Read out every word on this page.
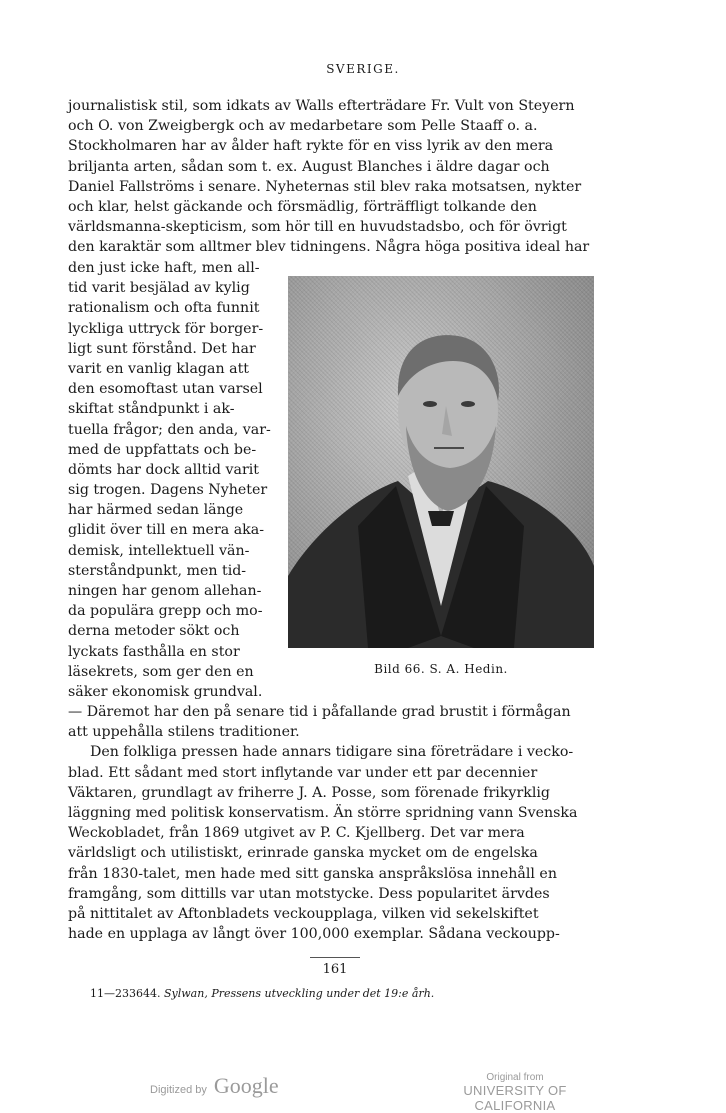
SVERIGE.
journalistisk stil, som idkats av Walls efterträdare Fr. Vult von Steyern
och O. von Zweigbergk och av medarbetare som Pelle Staaff o. a.
Stockholmaren har av ålder haft rykte för en viss lyrik av den mera
briljanta arten, sådan som t. ex. August Blanches i äldre dagar och
Daniel Fallströms i senare. Nyheternas stil blev raka motsatsen, nykter
och klar, helst gäckande och försmädlig, förträffligt tolkande den
världsmanna-skepticism, som hör till en huvudstadsbo, och för övrigt
den karaktär som alltmer blev tidningens. Några höga positiva ideal har
den just icke haft, men all-
tid varit besjälad av kylig
rationalism och ofta funnit
lyckliga uttryck för borger-
ligt sunt förstånd. Det har
varit en vanlig klagan att
den esomoftast utan varsel
skiftat ståndpunkt i ak-
tuella frågor; den anda, var-
med de uppfattats och be-
dömts har dock alltid varit
sig trogen. Dagens Nyheter
har härmed sedan länge
glidit över till en mera aka-
demisk, intellektuell vän-
sterståndpunkt, men tid-
ningen har genom allehan-
da populära grepp och mo-
derna metoder sökt och
lyckats fasthålla en stor
läsekrets, som ger den en
säker ekonomisk grundval.
Bild 66. S. A. Hedin.
— Däremot har den på senare tid i påfallande grad brustit i förmågan
att uppehålla stilens traditioner.
Den folkliga pressen hade annars tidigare sina företrädare i vecko-
blad. Ett sådant med stort inflytande var under ett par decennier
Väktaren, grundlagt av friherre J. A. Posse, som förenade frikyrklig
läggning med politisk konservatism. Än större spridning vann Svenska
Weckobladet, från 1869 utgivet av P. C. Kjellberg. Det var mera
världsligt och utilistiskt, erinrade ganska mycket om de engelska
från 1830-talet, men hade med sitt ganska anspråkslösa innehåll en
framgång, som dittills var utan motstycke. Dess popularitet ärvdes
på nittitalet av Aftonbladets veckoupplaga, vilken vid sekelskiftet
hade en upplaga av långt över 100,000 exemplar. Sådana veckoupp-
161
11—233644. Sylwan, Pressens utveckling under det 19:e årh.
Digitized by Google	Original from
UNIVERSITY OF CALIFORNIA
